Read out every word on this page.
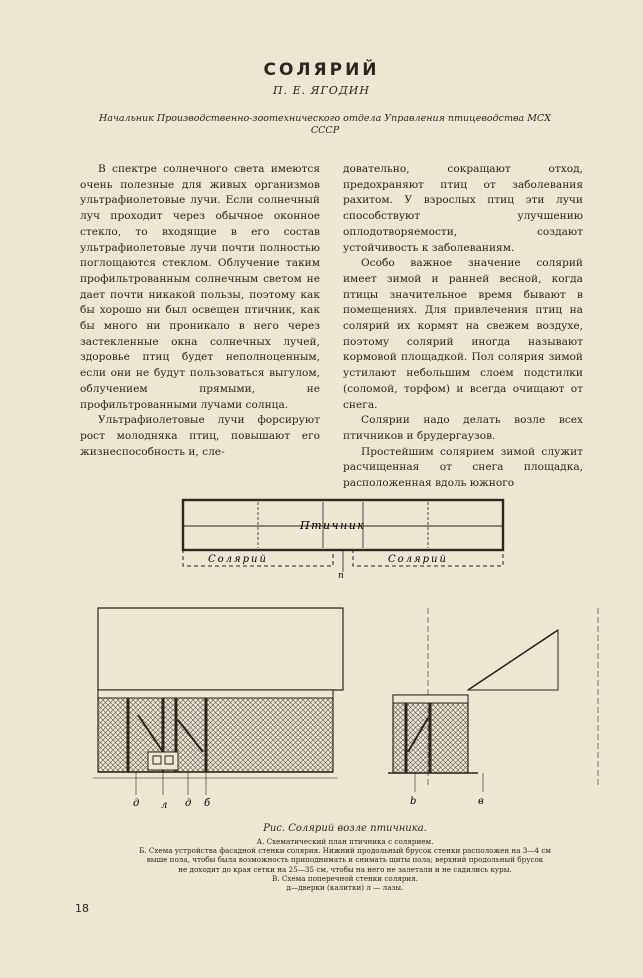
СОЛЯРИЙ
П. Е. ЯГОДИН
Начальник Производственно-зоотехнического отдела Управления птицеводства МСХ СССР

В спектре солнечного света имеются очень полезные для живых организмов ультрафиолетовые лучи. Если солнечный луч проходит через обычное оконное стекло, то входящие в его состав ультрафиолетовые лучи почти полностью поглощаются стеклом. Облучение таким профильтрованным солнечным светом не дает почти никакой пользы, поэтому как бы хорошо ни был освещен птичник, как бы много ни проникало в него через застекленные окна солнечных лучей, здоровье птиц будет неполноценным, если они не будут пользоваться выгулом, облучением прямыми, не профильтрованными лучами солнца.

Ультрафиолетовые лучи форсируют рост молодняка птиц, повышают его жизнеспособность и, сле-

довательно, сокращают отход, предохраняют птиц от заболевания рахитом. У взрослых птиц эти лучи способствуют улучшению оплодотворяемости, создают устойчивость к заболеваниям.

Особо важное значение солярий имеет зимой и ранней весной, когда птицы значительное время бывают в помещениях. Для привлечения птиц на солярий их кормят на свежем воздухе, поэтому солярий иногда называют кормовой площадкой. Пол солярия зимой устилают небольшим слоем подстилки (соломой, торфом) и всегда очищают от снега.

Солярии надо делать возле всех птичников и брудергаузов.

Простейшим солярием зимой служит расчищенная от снега площадка, расположенная вдоль южного

Птичник
Солярий	Солярий
п
д л д б	b	в
Рис. Солярий возле птичника.
А. Схематический план птичника с солярием.
Б. Схема устройства фасадной стенки солярия. Нижний продольный брусок стенки расположен на 3—4 см
выше пола, чтобы была возможность приподнимать и снимать щиты пола; верхний продольный брусок
не доходит до края сетки на 25—35 см, чтобы на него не залетали и не садились куры.
В. Схема поперечной стенки солярия.
д—дверки (калитки) л — лазы.
18
